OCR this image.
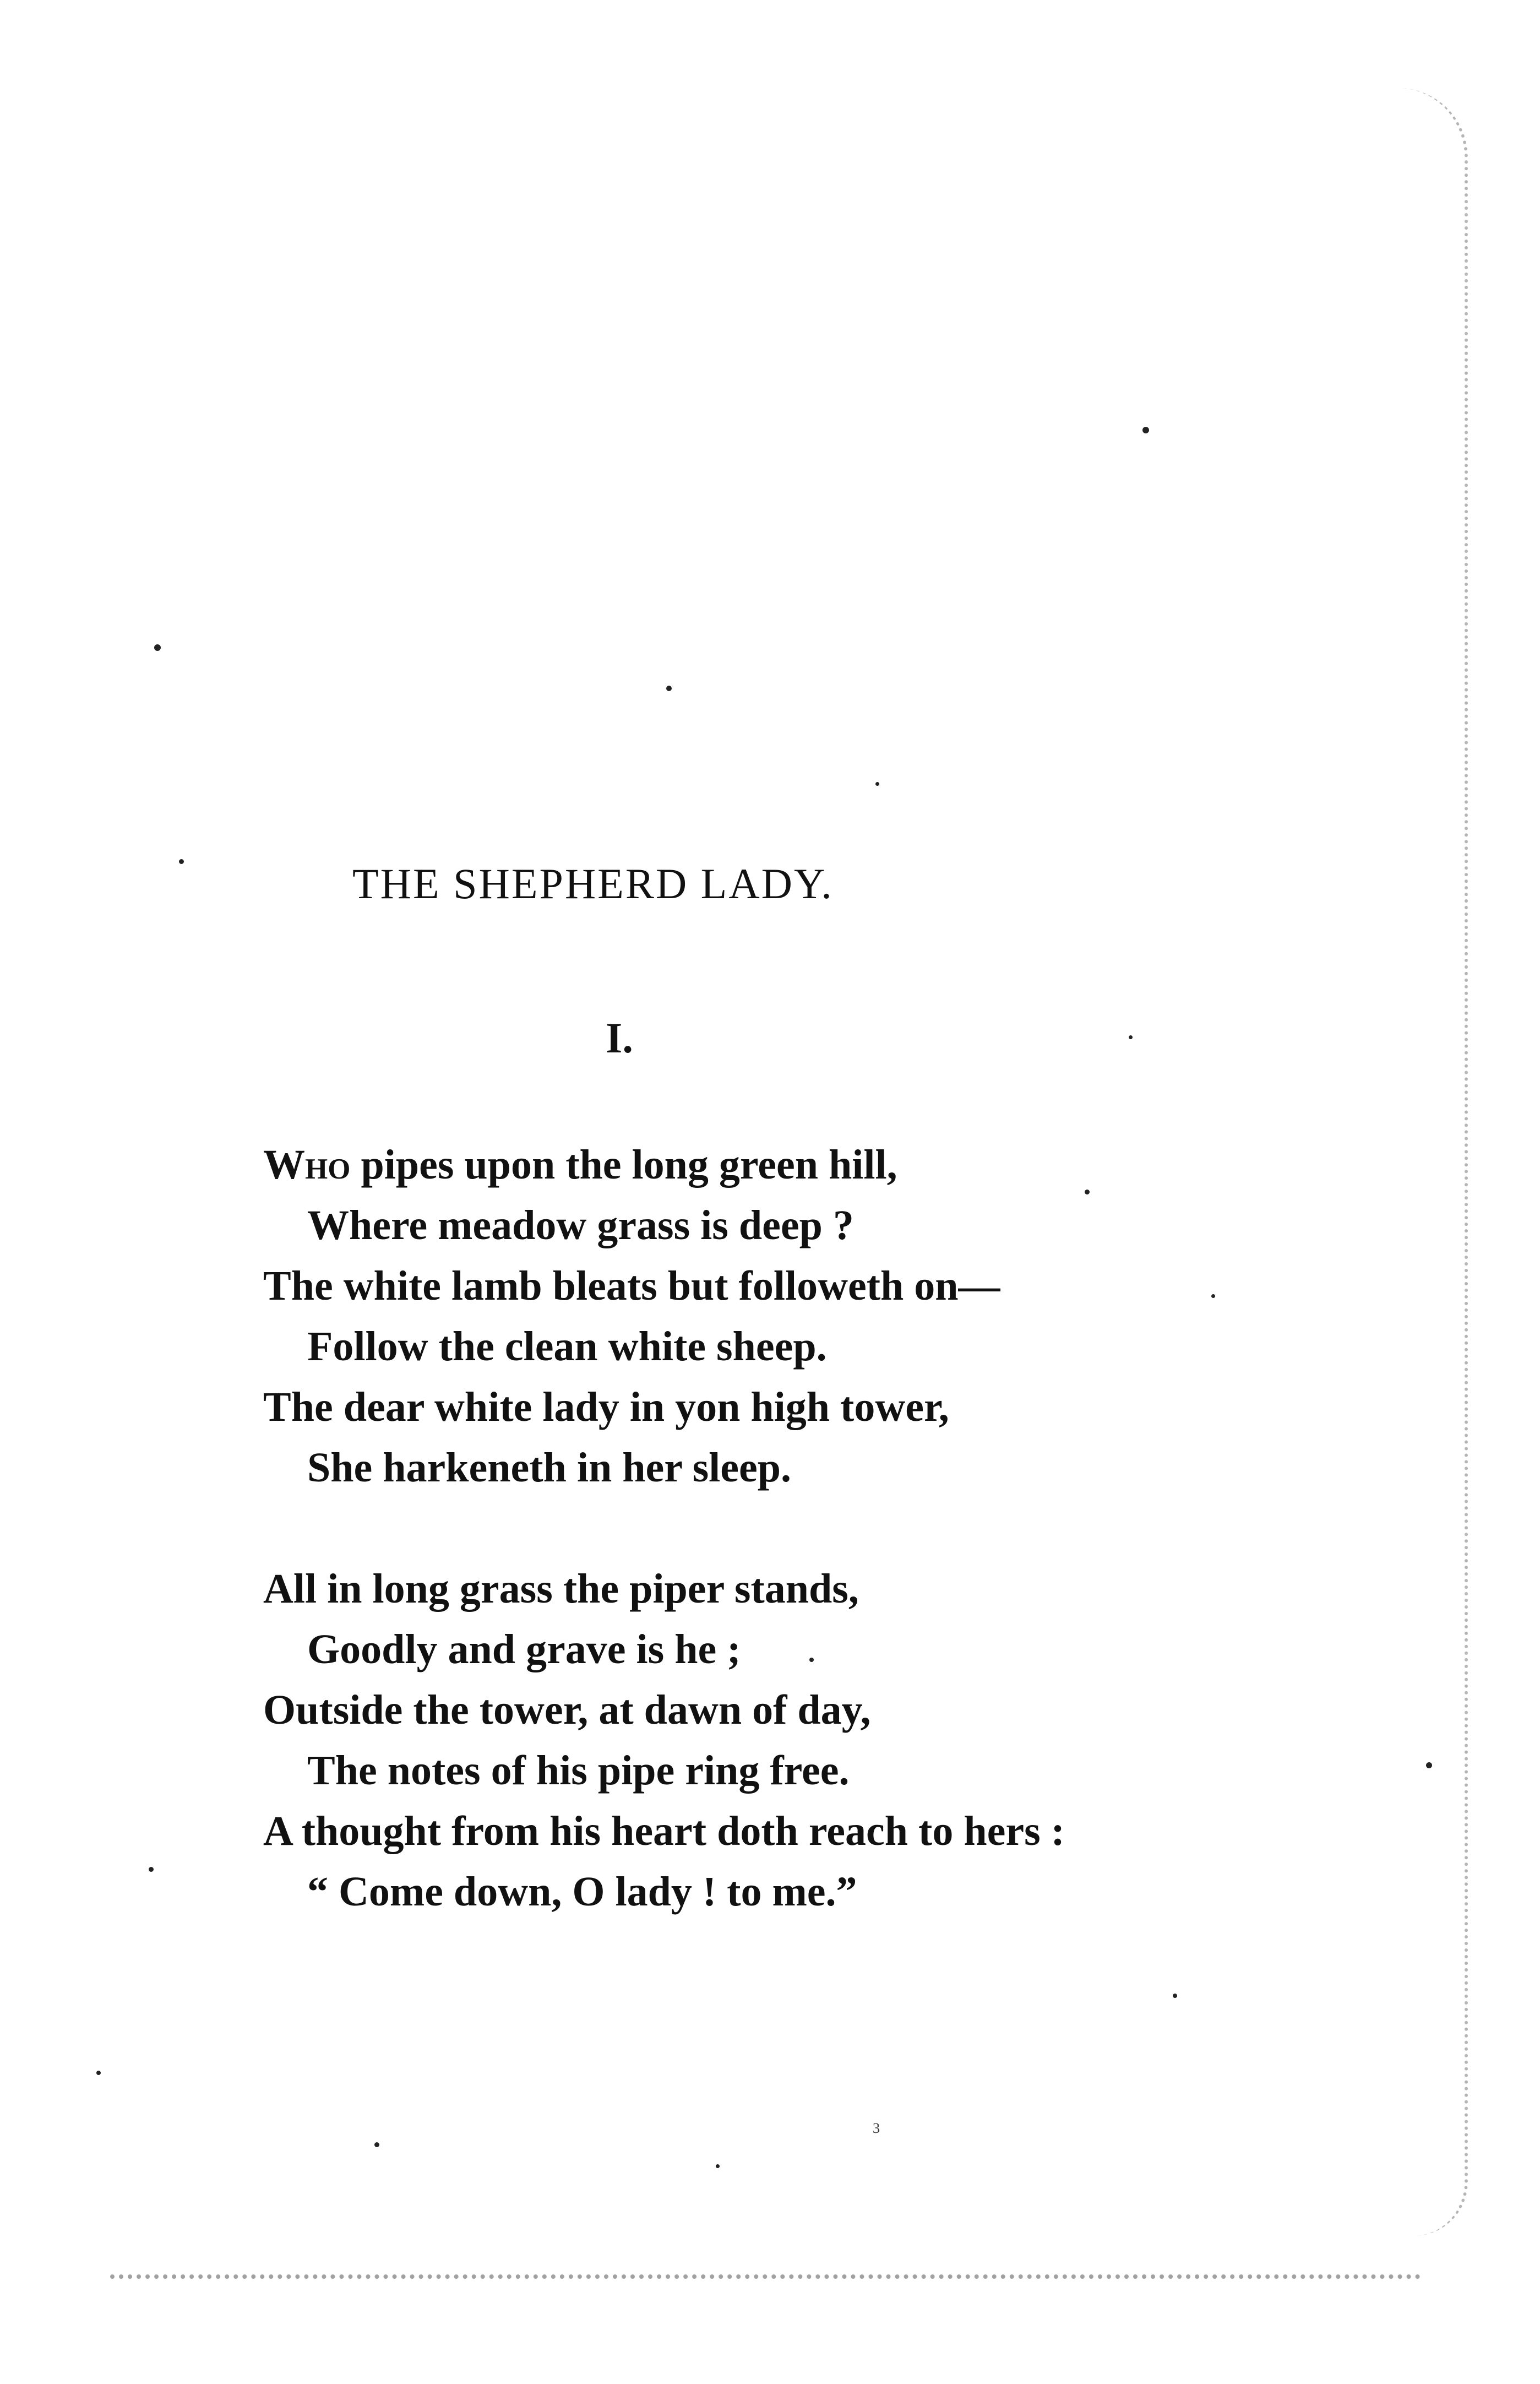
THE SHEPHERD LADY.
I.
Who pipes upon the long green hill,
Where meadow grass is deep ?
The white lamb bleats but followeth on—
Follow the clean white sheep.
The dear white lady in yon high tower,
She harkeneth in her sleep.
All in long grass the piper stands,
Goodly and grave is he ;
Outside the tower, at dawn of day,
The notes of his pipe ring free.
A thought from his heart doth reach to hers :
“ Come down, O lady ! to me.”
3
